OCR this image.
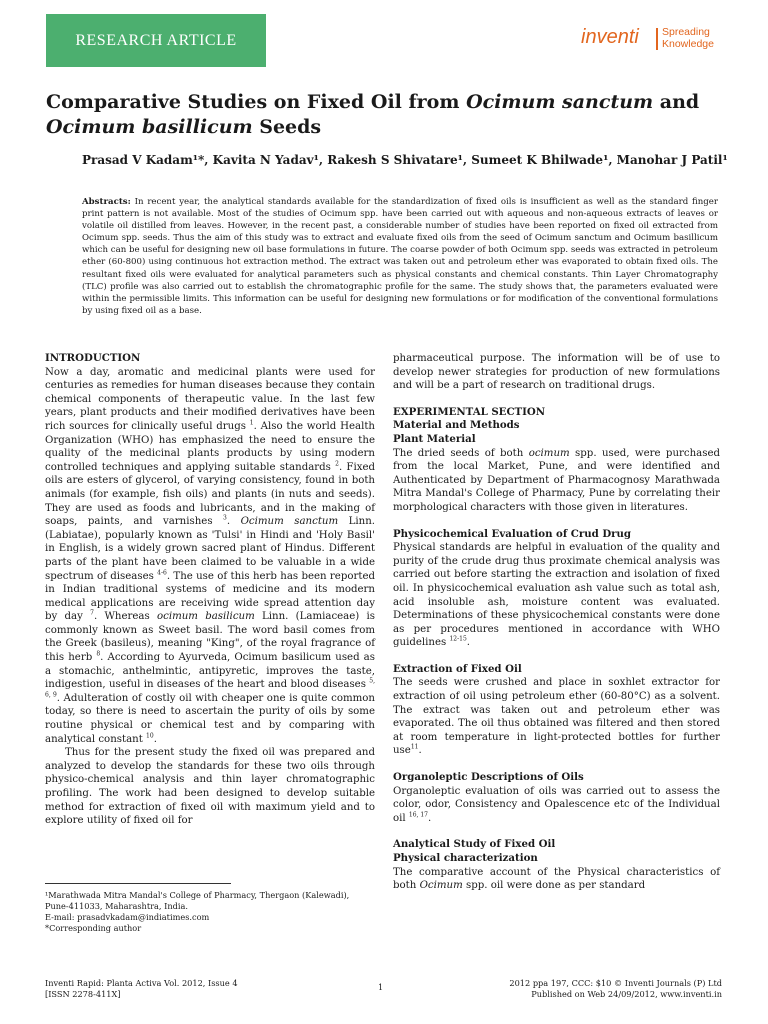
RESEARCH ARTICLE	inventi Spreading
Knowledge
Comparative Studies on Fixed Oil from Ocimum sanctum and
Ocimum basillicum Seeds

Prasad V Kadam¹*, Kavita N Yadav¹, Rakesh S Shivatare¹, Sumeet K Bhilwade¹, Manohar J Patil¹

Abstracts: In recent year, the analytical standards available for the standardization of fixed oils is insufficient as well as the standard finger print pattern is not available. Most of the studies of Ocimum spp. have been carried out with aqueous and non-aqueous extracts of leaves or volatile oil distilled from leaves. However, in the recent past, a considerable number of studies have been reported on fixed oil extracted from Ocimum spp. seeds. Thus the aim of this study was to extract and evaluate fixed oils from the seed of Ocimum sanctum and Ocimum basillicum which can be useful for designing new oil base formulations in future. The coarse powder of both Ocimum spp. seeds was extracted in petroleum ether (60-800) using continuous hot extraction method. The extract was taken out and petroleum ether was evaporated to obtain fixed oils. The resultant fixed oils were evaluated for analytical parameters such as physical constants and chemical constants. Thin Layer Chromatography (TLC) profile was also carried out to establish the chromatographic profile for the same. The study shows that, the parameters evaluated were within the permissible limits. This information can be useful for designing new formulations or for modification of the conventional formulations by using fixed oil as a base.

INTRODUCTION

Now a day, aromatic and medicinal plants were used for centuries as remedies for human diseases because they contain chemical components of therapeutic value. In the last few years, plant products and their modified derivatives have been rich sources for clinically useful drugs $^1$. Also the world Health Organization (WHO) has emphasized the need to ensure the quality of the medicinal plants products by using modern controlled techniques and applying suitable standards $^2$. Fixed oils are esters of glycerol, of varying consistency, found in both animals (for example, fish oils) and plants (in nuts and seeds). They are used as foods and lubricants, and in the making of soaps, paints, and varnishes $^3$. Ocimum sanctum Linn. (Labiatae), popularly known as 'Tulsi' in Hindi and 'Holy Basil' in English, is a widely grown sacred plant of Hindus. Different parts of the plant have been claimed to be valuable in a wide spectrum of diseases $^{4-6}$. The use of this herb has been reported in Indian traditional systems of medicine and its modern medical applications are receiving wide spread attention day by day $^7$. Whereas ocimum basilicum Linn. (Lamiaceae) is commonly known as Sweet basil. The word basil comes from the Greek (basileus), meaning "King", of the royal fragrance of this herb $^8$. According to Ayurveda, Ocimum basilicum used as a stomachic, anthelmintic, antipyretic, improves the taste, indigestion, useful in diseases of the heart and blood diseases $^{5, 6, 9}$. Adulteration of costly oil with cheaper one is quite common today, so there is need to ascertain the purity of oils by some routine physical or chemical test and by comparing with analytical constant $^{10}$.

Thus for the present study the fixed oil was prepared and analyzed to develop the standards for these two oils through physico-chemical analysis and thin layer chromatographic profiling. The work had been designed to develop suitable method for extraction of fixed oil with maximum yield and to explore utility of fixed oil for

pharmaceutical purpose. The information will be of use to develop newer strategies for production of new formulations and will be a part of research on traditional drugs.

EXPERIMENTAL SECTION

Material and Methods

Plant Material

The dried seeds of both ocimum spp. used, were purchased from the local Market, Pune, and were identified and Authenticated by Department of Pharmacognosy Marathwada Mitra Mandal's College of Pharmacy, Pune by correlating their morphological characters with those given in literatures.

Physicochemical Evaluation of Crud Drug

Physical standards are helpful in evaluation of the quality and purity of the crude drug thus proximate chemical analysis was carried out before starting the extraction and isolation of fixed oil. In physicochemical evaluation ash value such as total ash, acid insoluble ash, moisture content was evaluated. Determinations of these physicochemical constants were done as per procedures mentioned in accordance with WHO guidelines $^{12-15}$.

Extraction of Fixed Oil

The seeds were crushed and place in soxhlet extractor for extraction of oil using petroleum ether (60-80°C) as a solvent. The extract was taken out and petroleum ether was evaporated. The oil thus obtained was filtered and then stored at room temperature in light-protected bottles for further use$^{11}$.

Organoleptic Descriptions of Oils

Organoleptic evaluation of oils was carried out to assess the color, odor, Consistency and Opalescence etc of the Individual oil $^{16, 17}$.

Analytical Study of Fixed Oil

Physical characterization

The comparative account of the Physical characteristics of both Ocimum spp. oil were done as per standard

¹Marathwada Mitra Mandal's College of Pharmacy, Thergaon (Kalewadi), Pune-411033, Maharashtra, India.
E-mail: prasadvkadam@indiatimes.com
*Corresponding author

Inventi Rapid: Planta Activa Vol. 2012, Issue 4
[ISSN 2278-411X]
1	2012 ppa 197, CCC: $10 © Inventi Journals (P) Ltd
Published on Web 24/09/2012, www.inventi.in
